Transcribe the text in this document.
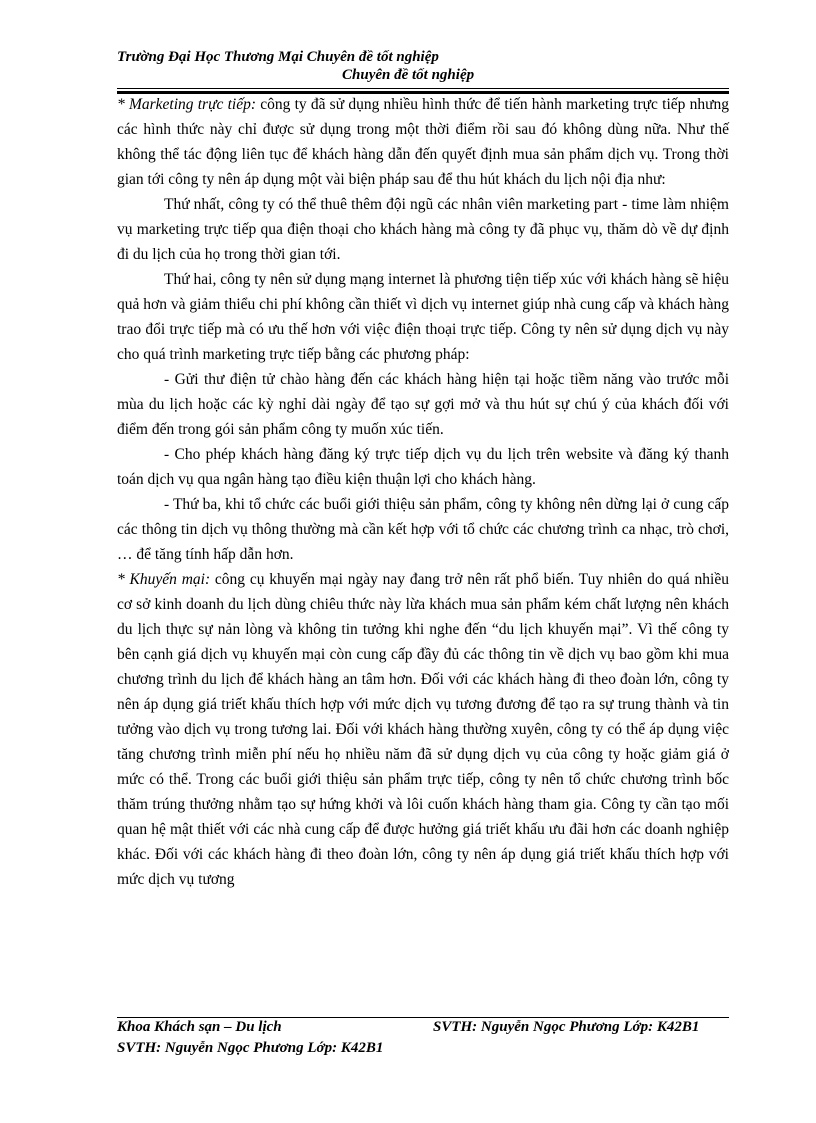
Trường Đại Học Thương Mại Chuyên đề tốt nghiệp
Chuyên đề tốt nghiệp

* Marketing trực tiếp: công ty đã sử dụng nhiều hình thức để tiến hành marketing trực tiếp nhưng các hình thức này chỉ được sử dụng trong một thời điểm rồi sau đó không dùng nữa. Như thế không thể tác động liên tục để khách hàng dẫn đến quyết định mua sản phẩm dịch vụ. Trong thời gian tới công ty nên áp dụng một vài biện pháp sau để thu hút khách du lịch nội địa như:

Thứ nhất, công ty có thể thuê thêm đội ngũ các nhân viên marketing part - time làm nhiệm vụ marketing trực tiếp qua điện thoại cho khách hàng mà công ty đã phục vụ, thăm dò về dự định đi du lịch của họ trong thời gian tới.

Thứ hai, công ty nên sử dụng mạng internet là phương tiện tiếp xúc với khách hàng sẽ hiệu quả hơn và giảm thiểu chi phí không cần thiết vì dịch vụ internet giúp nhà cung cấp và khách hàng trao đổi trực tiếp mà có ưu thế hơn với việc điện thoại trực tiếp. Công ty nên sử dụng dịch vụ này cho quá trình marketing trực tiếp bằng các phương pháp:

- Gửi thư điện tử chào hàng đến các khách hàng hiện tại hoặc tiềm năng vào trước mỗi mùa du lịch hoặc các kỳ nghỉ dài ngày để tạo sự gợi mở và thu hút sự chú ý của khách đối với điểm đến trong gói sản phẩm công ty muốn xúc tiến.

- Cho phép khách hàng đăng ký trực tiếp dịch vụ du lịch trên website và đăng ký thanh toán dịch vụ qua ngân hàng tạo điều kiện thuận lợi cho khách hàng.

- Thứ ba, khi tổ chức các buổi giới thiệu sản phẩm, công ty không nên dừng lại ở cung cấp các thông tin dịch vụ thông thường mà cần kết hợp với tổ chức các chương trình ca nhạc, trò chơi, … để tăng tính hấp dẫn hơn.

* Khuyến mại: công cụ khuyến mại ngày nay đang trở nên rất phổ biến. Tuy nhiên do quá nhiều cơ sở kinh doanh du lịch dùng chiêu thức này lừa khách mua sản phẩm kém chất lượng nên khách du lịch thực sự nản lòng và không tin tưởng khi nghe đến “du lịch khuyến mại”. Vì thế công ty bên cạnh giá dịch vụ khuyến mại còn cung cấp đầy đủ các thông tin về dịch vụ bao gồm khi mua chương trình du lịch để khách hàng an tâm hơn. Đối với các khách hàng đi theo đoàn lớn, công ty nên áp dụng giá triết khấu thích hợp với mức dịch vụ tương đương để tạo ra sự trung thành và tin tưởng vào dịch vụ trong tương lai. Đối với khách hàng thường xuyên, công ty có thể áp dụng việc tăng chương trình miễn phí nếu họ nhiều năm đã sử dụng dịch vụ của công ty hoặc giảm giá ở mức có thể. Trong các buổi giới thiệu sản phẩm trực tiếp, công ty nên tổ chức chương trình bốc thăm trúng thưởng nhằm tạo sự hứng khởi và lôi cuốn khách hàng tham gia. Công ty cần tạo mối quan hệ mật thiết với các nhà cung cấp để được hưởng giá triết khấu ưu đãi hơn các doanh nghiệp khác. Đối với các khách hàng đi theo đoàn lớn, công ty nên áp dụng giá triết khấu thích hợp với mức dịch vụ tương

Khoa Khách sạn – Du lịch	SVTH: Nguyễn Ngọc Phương Lớp: K42B1
SVTH: Nguyễn Ngọc Phương Lớp: K42B1
